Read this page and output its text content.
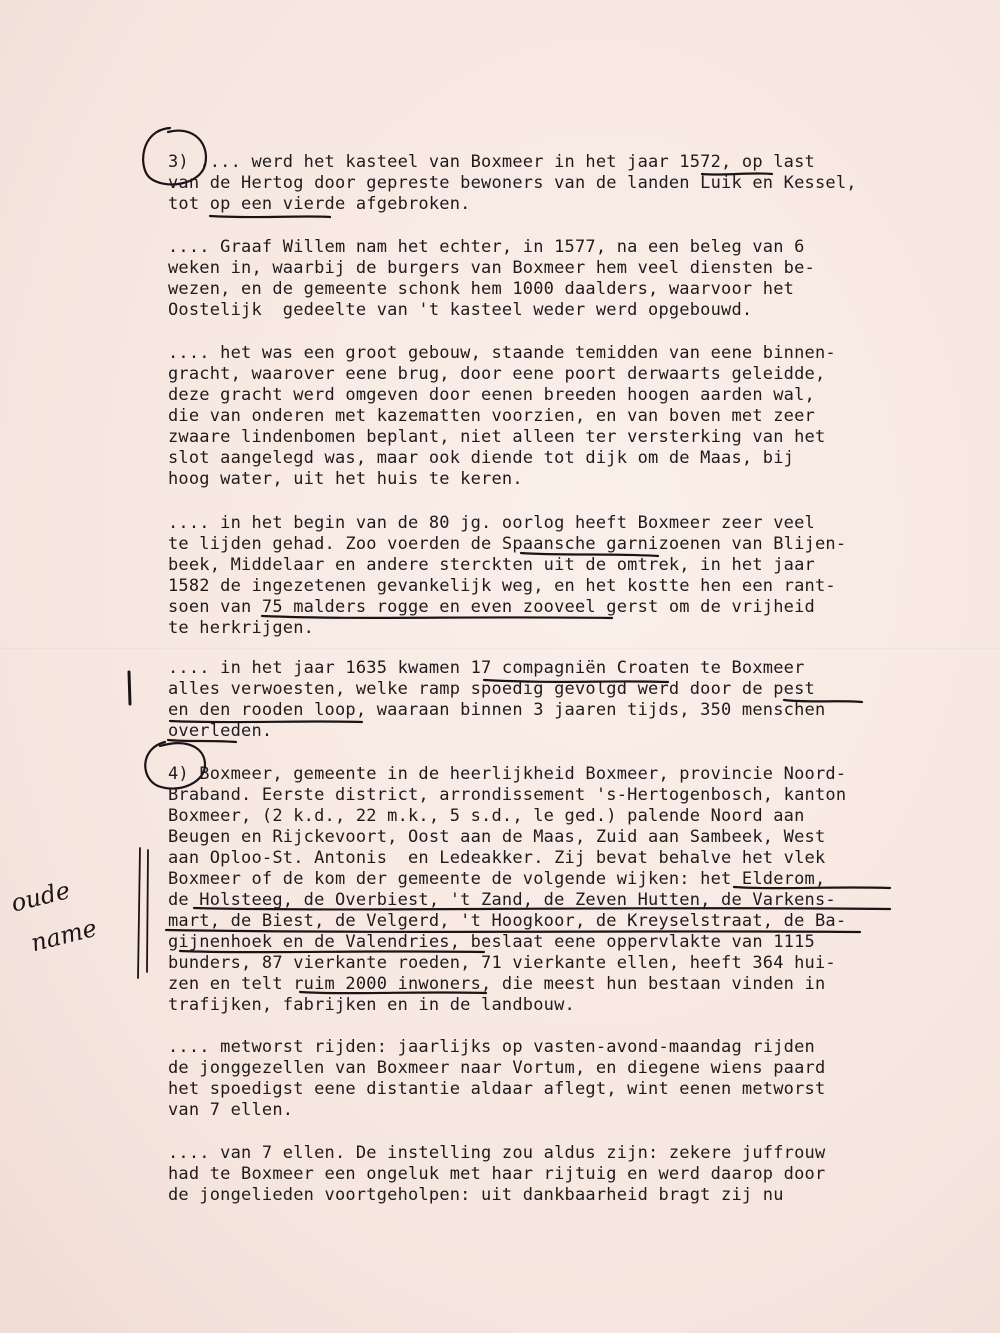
3) .... werd het kasteel van Boxmeer in het jaar 1572, op last
van de Hertog door gepreste bewoners van de landen Luik en Kessel,
tot op een vierde afgebroken.
.... Graaf Willem nam het echter, in 1577, na een beleg van 6
weken in, waarbij de burgers van Boxmeer hem veel diensten be-
wezen, en de gemeente schonk hem 1000 daalders, waarvoor het
Oostelijk  gedeelte van 't kasteel weder werd opgebouwd.
.... het was een groot gebouw, staande temidden van eene binnen-
gracht, waarover eene brug, door eene poort derwaarts geleidde,
deze gracht werd omgeven door eenen breeden hoogen aarden wal,
die van onderen met kazematten voorzien, en van boven met zeer
zwaare lindenbomen beplant, niet alleen ter versterking van het
slot aangelegd was, maar ook diende tot dijk om de Maas, bij
hoog water, uit het huis te keren.
.... in het begin van de 80 jg. oorlog heeft Boxmeer zeer veel
te lijden gehad. Zoo voerden de Spaansche garnizoenen van Blijen-
beek, Middelaar en andere sterckten uit de omtrek, in het jaar
1582 de ingezetenen gevankelijk weg, en het kostte hen een rant-
soen van 75 malders rogge en even zooveel gerst om de vrijheid
te herkrijgen.
.... in het jaar 1635 kwamen 17 compagniën Croaten te Boxmeer
alles verwoesten, welke ramp spoedig gevolgd werd door de pest
en den rooden loop, waaraan binnen 3 jaaren tijds, 350 menschen
overleden.
4) Boxmeer, gemeente in de heerlijkheid Boxmeer, provincie Noord-
Braband. Eerste district, arrondissement 's-Hertogenbosch, kanton
Boxmeer, (2 k.d., 22 m.k., 5 s.d., le ged.) palende Noord aan
Beugen en Rijckevoort, Oost aan de Maas, Zuid aan Sambeek, West
aan Oploo-St. Antonis  en Ledeakker. Zij bevat behalve het vlek
Boxmeer of de kom der gemeente de volgende wijken: het Elderom,
de Holsteeg, de Overbiest, 't Zand, de Zeven Hutten, de Varkens-
mart, de Biest, de Velgerd, 't Hoogkoor, de Kreyselstraat, de Ba-
gijnenhoek en de Valendries, beslaat eene oppervlakte van 1115
bunders, 87 vierkante roeden, 71 vierkante ellen, heeft 364 hui-
zen en telt ruim 2000 inwoners, die meest hun bestaan vinden in
trafijken, fabrijken en in de landbouw.
.... metworst rijden: jaarlijks op vasten-avond-maandag rijden
de jonggezellen van Boxmeer naar Vortum, en diegene wiens paard
het spoedigst eene distantie aldaar aflegt, wint eenen metworst
van 7 ellen.
.... van 7 ellen. De instelling zou aldus zijn: zekere juffrouw
had te Boxmeer een ongeluk met haar rijtuig en werd daarop door
de jongelieden voortgeholpen: uit dankbaarheid bragt zij nu
oude
name
